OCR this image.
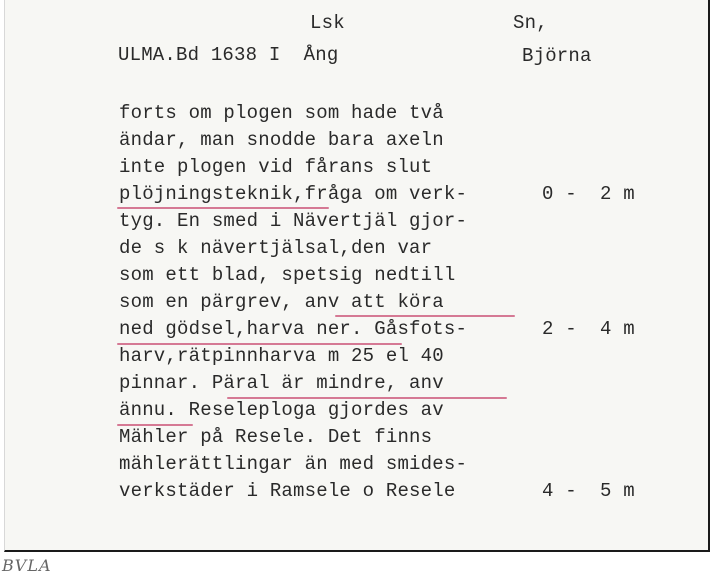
Lsk	Sn,
ULMA.Bd 1638 I  Ång	Björna
forts om plogen som hade två
ändar, man snodde bara axeln
inte plogen vid fårans slut
plöjningsteknik,fråga om verk-
tyg. En smed i Nävertjäl gjor-
de s k nävertjälsal,den var
som ett blad, spetsig nedtill
som en pärgrev, anv att köra
ned gödsel,harva ner. Gåsfots-
harv,rätpinnharva m 25 el 40
pinnar. Päral är mindre, anv
ännu. Reseleploga gjordes av
Mähler på Resele. Det finns
mählerättlingar än med smides-
verkstäder i Ramsele o Resele
0 -  2 m
2 -  4 m
4 -  5 m
BVLA
